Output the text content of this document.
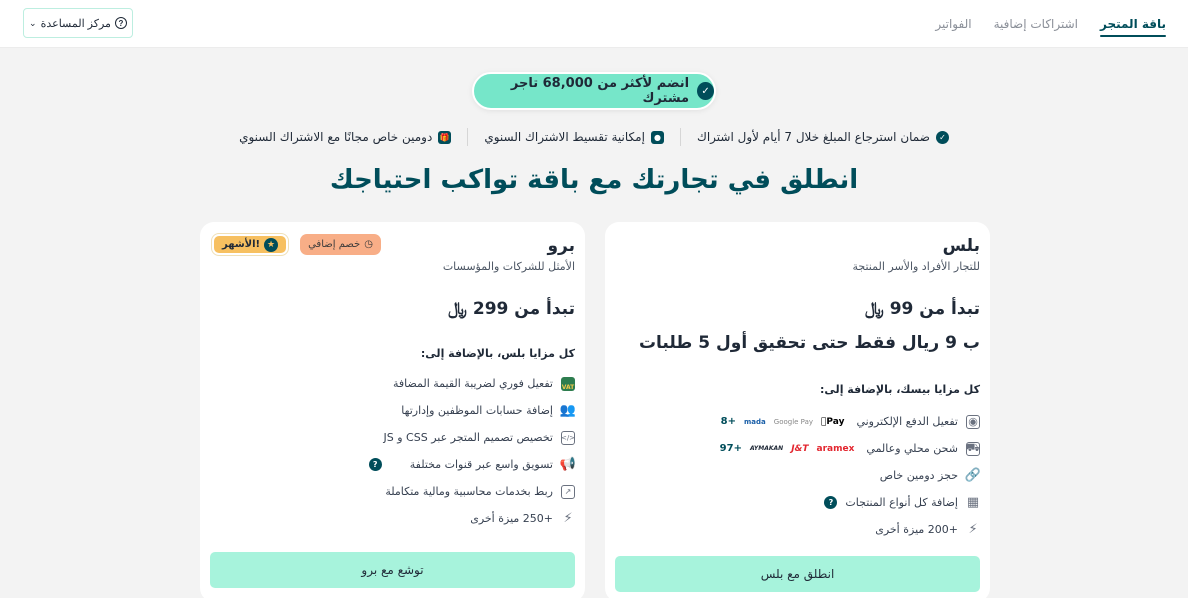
باقة المتجر
اشتراكات إضافية
الفواتير
?
مركز المساعدة
⌄
✓
انضم لأكثر من 68,000 تاجر مشترك
✓
ضمان استرجاع المبلغ خلال 7 أيام لأول اشتراك
●
إمكانية تقسيط الاشتراك السنوي
🎁
دومين خاص مجانًا مع الاشتراك السنوي
انطلق في تجارتك مع باقة تواكب احتياجك
بلس
للتجار الأفراد والأسر المنتجة
تبدأ من 99 ﷼
ب 9 ريال فقط حتى تحقيق أول 5 طلبات
كل مزايا بيسك، بالإضافة إلى:
◉
تفعيل الدفع الإلكتروني
Pay
Google Pay
mada
+8
⛟
شحن محلي وعالمي
aramex
J&T
AYMAKAN
+97
🔗
حجز دومين خاص
▦
إضافة كل أنواع المنتجات
?
⚡
+200 ميزة أخرى
انطلق مع بلس
الأشهر! ★	خصم إضافي ◷	برو
الأمثل للشركات والمؤسسات
تبدأ من 299 ﷼
كل مزايا بلس، بالإضافة إلى:
VAT
تفعيل فوري لضريبة القيمة المضافة
👥
إضافة حسابات الموظفين وإدارتها
</>
تخصيص تصميم المتجر عبر CSS و JS
📢
تسويق واسع عبر قنوات مختلفة
?
↗
ربط بخدمات محاسبية ومالية متكاملة
⚡
+250 ميزة أخرى
توشع مع برو
